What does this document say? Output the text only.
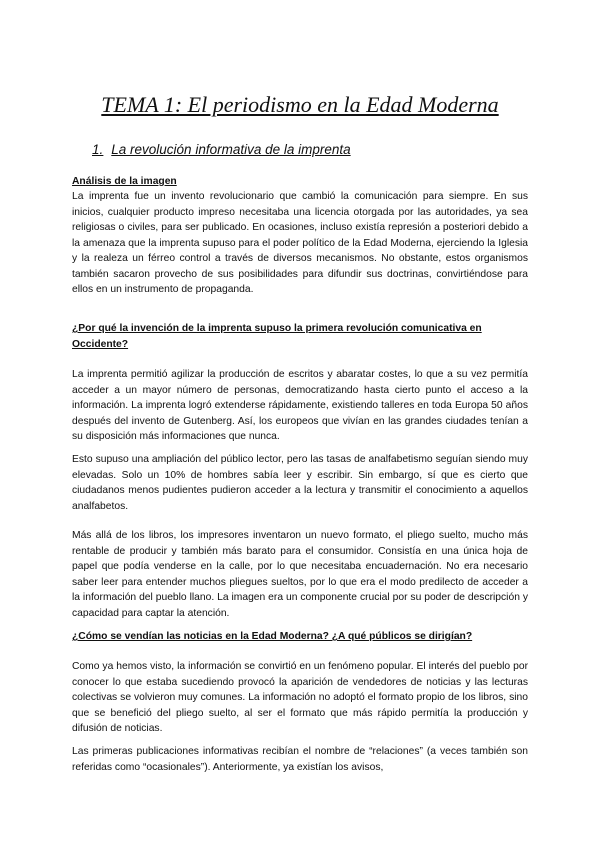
TEMA 1: El periodismo en la Edad Moderna
1. La revolución informativa de la imprenta

Análisis de la imagen

La imprenta fue un invento revolucionario que cambió la comunicación para siempre. En sus inicios, cualquier producto impreso necesitaba una licencia otorgada por las autoridades, ya sea religiosas o civiles, para ser publicado. En ocasiones, incluso existía represión a posteriori debido a la amenaza que la imprenta supuso para el poder político de la Edad Moderna, ejerciendo la Iglesia y la realeza un férreo control a través de diversos mecanismos. No obstante, estos organismos también sacaron provecho de sus posibilidades para difundir sus doctrinas, convirtiéndose para ellos en un instrumento de propaganda.

¿Por qué la invención de la imprenta supuso la primera revolución comunicativa en Occidente?

La imprenta permitió agilizar la producción de escritos y abaratar costes, lo que a su vez permitía acceder a un mayor número de personas, democratizando hasta cierto punto el acceso a la información. La imprenta logró extenderse rápidamente, existiendo talleres en toda Europa 50 años después del invento de Gutenberg. Así, los europeos que vivían en las grandes ciudades tenían a su disposición más informaciones que nunca.

Esto supuso una ampliación del público lector, pero las tasas de analfabetismo seguían siendo muy elevadas. Solo un 10% de hombres sabía leer y escribir. Sin embargo, sí que es cierto que ciudadanos menos pudientes pudieron acceder a la lectura y transmitir el conocimiento a aquellos analfabetos.

Más allá de los libros, los impresores inventaron un nuevo formato, el pliego suelto, mucho más rentable de producir y también más barato para el consumidor. Consistía en una única hoja de papel que podía venderse en la calle, por lo que necesitaba encuadernación. No era necesario saber leer para entender muchos pliegues sueltos, por lo que era el modo predilecto de acceder a la información del pueblo llano. La imagen era un componente crucial por su poder de descripción y capacidad para captar la atención.

¿Cómo se vendían las noticias en la Edad Moderna? ¿A qué públicos se dirigían?

Como ya hemos visto, la información se convirtió en un fenómeno popular. El interés del pueblo por conocer lo que estaba sucediendo provocó la aparición de vendedores de noticias y las lecturas colectivas se volvieron muy comunes. La información no adoptó el formato propio de los libros, sino que se benefició del pliego suelto, al ser el formato que más rápido permitía la producción y difusión de noticias.

Las primeras publicaciones informativas recibían el nombre de “relaciones” (a veces también son referidas como “ocasionales”). Anteriormente, ya existían los avisos,
